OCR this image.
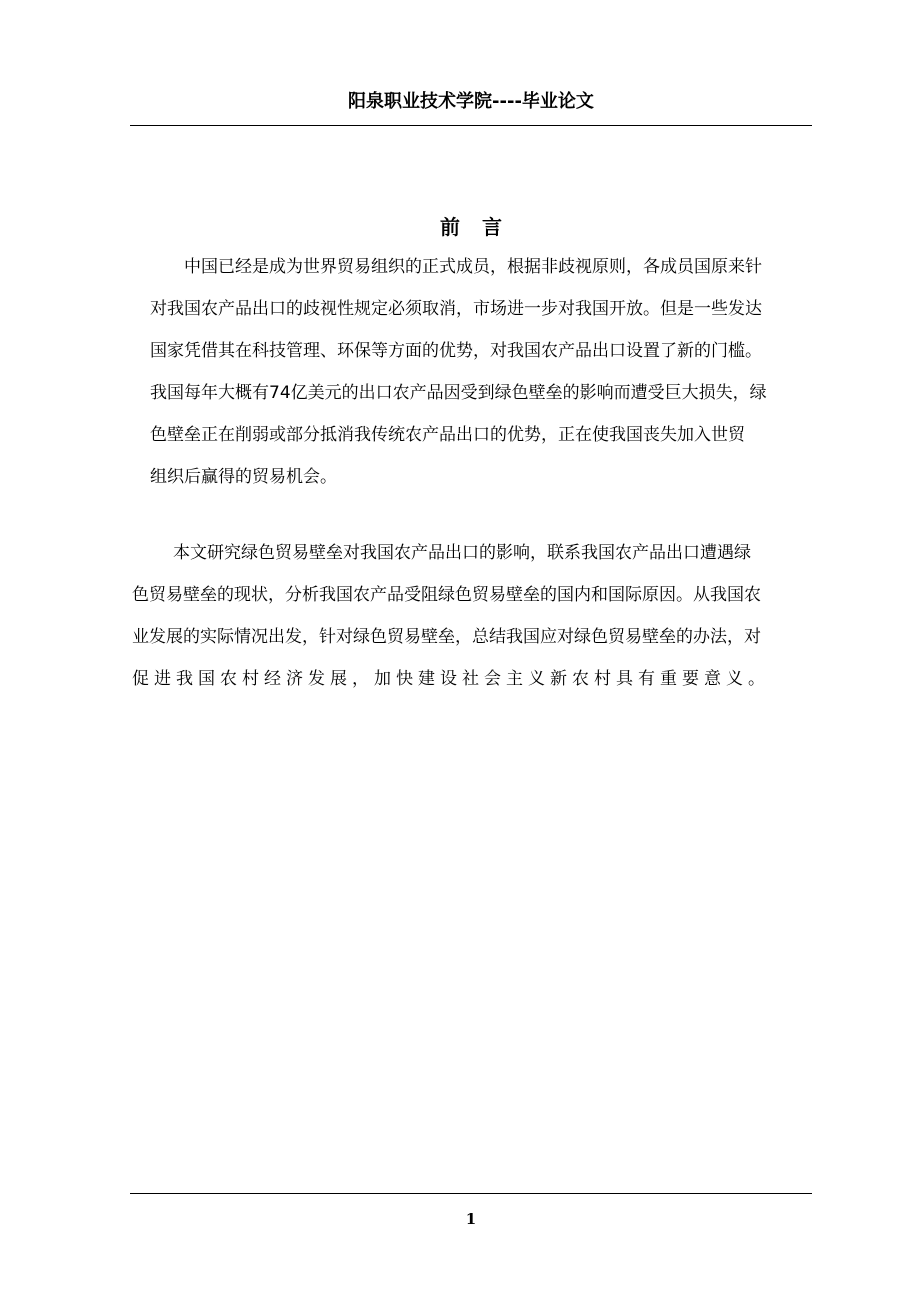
阳泉职业技术学院----毕业论文
前言
中国已经是成为世界贸易组织的正式成员，根据非歧视原则，各成员国原来针
对我国农产品出口的歧视性规定必须取消，市场进一步对我国开放。但是一些发达
国家凭借其在科技管理、环保等方面的优势，对我国农产品出口设置了新的门槛。
我国每年大概有74亿美元的出口农产品因受到绿色壁垒的影响而遭受巨大损失，绿
色壁垒正在削弱或部分抵消我传统农产品出口的优势，正在使我国丧失加入世贸
组织后赢得的贸易机会。
本文研究绿色贸易壁垒对我国农产品出口的影响，联系我国农产品出口遭遇绿
色贸易壁垒的现状，分析我国农产品受阻绿色贸易壁垒的国内和国际原因。从我国农
业发展的实际情况出发，针对绿色贸易壁垒，总结我国应对绿色贸易壁垒的办法，对
促进我国农村经济发展，加快建设社会主义新农村具有重要意义。
1
